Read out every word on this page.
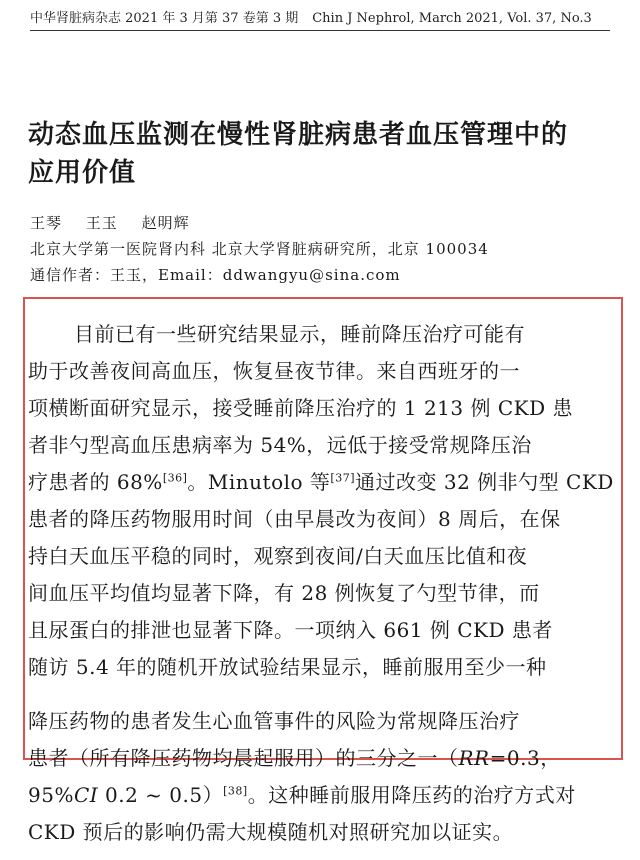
中华肾脏病杂志 2021 年 3 月第 37 卷第 3 期 Chin J Nephrol, March 2021, Vol. 37, No.3
动态血压监测在慢性肾脏病患者血压管理中的
应用价值
王琴 王玉 赵明辉
北京大学第一医院肾内科 北京大学肾脏病研究所，北京 100034
通信作者：王玉，Email：ddwangyu@sina.com
目前已有一些研究结果显示，睡前降压治疗可能有
助于改善夜间高血压，恢复昼夜节律。来自西班牙的一
项横断面研究显示，接受睡前降压治疗的 1 213 例 CKD 患
者非勺型高血压患病率为 54%，远低于接受常规降压治
疗患者的 68%[36]。Minutolo 等[37]通过改变 32 例非勺型 CKD
患者的降压药物服用时间（由早晨改为夜间）8 周后，在保
持白天血压平稳的同时，观察到夜间/白天血压比值和夜
间血压平均值均显著下降，有 28 例恢复了勺型节律，而
且尿蛋白的排泄也显著下降。一项纳入 661 例 CKD 患者
随访 5.4 年的随机开放试验结果显示，睡前服用至少一种
降压药物的患者发生心血管事件的风险为常规降压治疗
患者（所有降压药物均晨起服用）的三分之一（RR=0.3，
95%CI 0.2 ~ 0.5）[38]。这种睡前服用降压药的治疗方式对
CKD 预后的影响仍需大规模随机对照研究加以证实。
